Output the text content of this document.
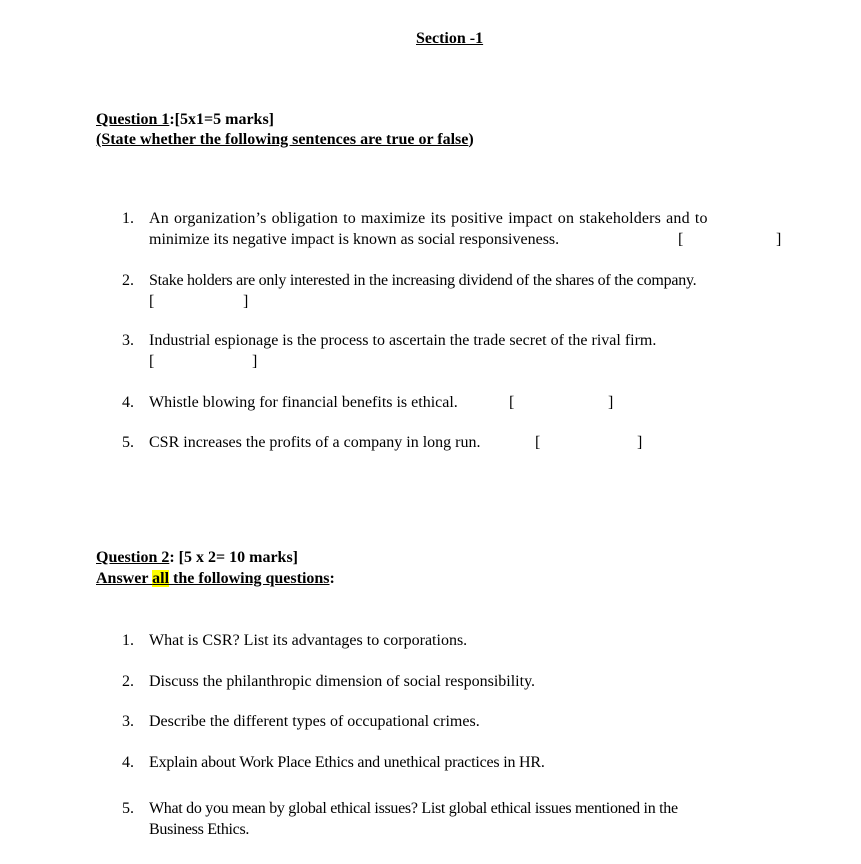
Section -1
Question 1:[5x1=5 marks]
(State whether the following sentences are true or false)
1. An organization’s obligation to maximize its positive impact on stakeholders and to
minimize its negative impact is known as social responsiveness.	[	]
2. Stake holders are only interested in the increasing dividend of the shares of the company.
[	]
3. Industrial espionage is the process to ascertain the trade secret of the rival firm.
[	]
4. Whistle blowing for financial benefits is ethical.	[	]
5. CSR increases the profits of a company in long run.	[	]
Question 2: [5 x 2= 10 marks]
Answer all the following questions:
1. What is CSR? List its advantages to corporations.
2. Discuss the philanthropic dimension of social responsibility.
3. Describe the different types of occupational crimes.
4. Explain about Work Place Ethics and unethical practices in HR.
5. What do you mean by global ethical issues? List global ethical issues mentioned in the
Business Ethics.
